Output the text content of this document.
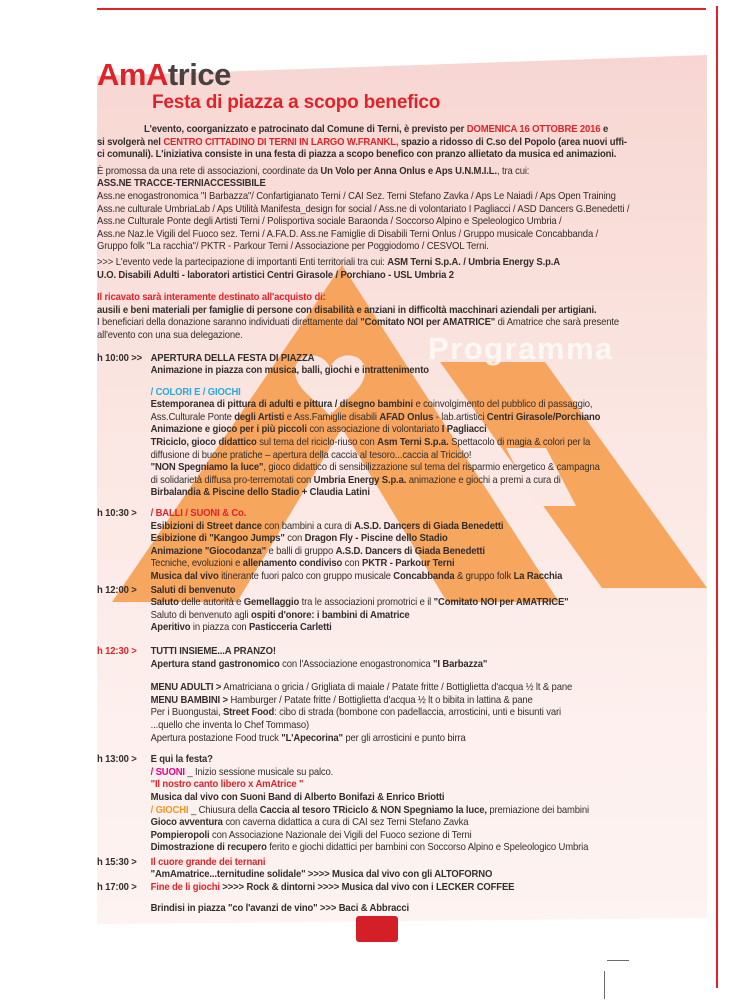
Programma
AmAtrice
Festa di piazza a scopo benefico
L'evento, coorganizzato e patrocinato dal Comune di Terni, è previsto per DOMENICA 16 OTTOBRE 2016 e
si svolgerà nel CENTRO CITTADINO DI TERNI IN LARGO W.FRANKL, spazio a ridosso di C.so del Popolo (area nuovi uffi-
ci comunali). L'iniziativa consiste in una festa di piazza a scopo benefico con pranzo allietato da musica ed animazioni.
È promossa da una rete di associazioni, coordinate da Un Volo per Anna Onlus e Aps U.N.M.I.L., tra cui:
ASS.NE TRACCE-TERNIACCESSIBILE
Ass.ne enogastronomica "I Barbazza"/ Confartigianato Terni / CAI Sez. Terni Stefano Zavka / Aps Le Naiadi / Aps Open Training
Ass.ne culturale UmbriaLab / Aps Utilità Manifesta_design for social / Ass.ne di volontariato I Pagliacci / ASD Dancers G.Benedetti /
Ass.ne Culturale Ponte degli Artisti Terni / Polisportiva sociale Baraonda / Soccorso Alpino e Speleologico Umbria /
Ass.ne Naz.le Vigili del Fuoco sez. Terni / A.FA.D. Ass.ne Famiglie di Disabili Terni Onlus / Gruppo musicale Concabbanda /
Gruppo folk "La racchia"/ PKTR - Parkour Terni / Associazione per Poggiodomo / CESVOL Terni.
>>> L'evento vede la partecipazione di importanti Enti territoriali tra cui: ASM Terni S.p.A. / Umbria Energy S.p.A
U.O. Disabili Adulti - laboratori artistici Centri Girasole / Porchiano - USL Umbria 2
Il ricavato sarà interamente destinato all'acquisto di:
ausili e beni materiali per famiglie di persone con disabilità e anziani in difficoltà macchinari aziendali per artigiani.
I beneficiari della donazione saranno individuati direttamente dal "Comitato NOI per AMATRICE" di Amatrice che sarà presente
all'evento con una sua delegazione.
h 10:00 >> APERTURA DELLA FESTA DI PIAZZA
Animazione in piazza con musica, balli, giochi e intrattenimento
/ COLORI E / GIOCHI
Estemporanea di pittura di adulti e pittura / disegno bambini e coinvolgimento del pubblico di passaggio,
Ass.Culturale Ponte degli Artisti e Ass.Famiglie disabili AFAD Onlus - lab.artistici Centri Girasole/Porchiano
Animazione e gioco per i più piccoli con associazione di volontariato I Pagliacci
TRiciclo, gioco didattico sul tema del riciclo-riuso con Asm Terni S.p.a. Spettacolo di magia & colori per la
diffusione di buone pratiche – apertura della caccia al tesoro...caccia al Triciclo!
"NON Spegniamo la luce", gioco didattico di sensibilizzazione sul tema del risparmio energetico & campagna
di solidarietà diffusa pro-terremotati con Umbria Energy S.p.a. animazione e giochi a premi a cura di
Birbalandia & Piscine dello Stadio + Claudia Latini
h 10:30 >	/ BALLI / SUONI & Co.
Esibizioni di Street dance con bambini a cura di A.S.D. Dancers di Giada Benedetti
Esibizione di "Kangoo Jumps" con Dragon Fly - Piscine dello Stadio
Animazione "Giocodanza" e balli di gruppo A.S.D. Dancers di Giada Benedetti
Tecniche, evoluzioni e allenamento condiviso con PKTR - Parkour Terni
Musica dal vivo itinerante fuori palco con gruppo musicale Concabbanda & gruppo folk La Racchia
h 12:00 >	Saluti di benvenuto
Saluto delle autorità e Gemellaggio tra le associazioni promotrici e il "Comitato NOI per AMATRICE"
Saluto di benvenuto agli ospiti d'onore: i bambini di Amatrice
Aperitivo in piazza con Pasticceria Carletti
h 12:30 >	TUTTI INSIEME...A PRANZO!
Apertura stand gastronomico con l'Associazione enogastronomica "I Barbazza"
MENU ADULTI > Amatriciana o gricia / Grigliata di maiale / Patate fritte / Bottiglietta d'acqua ½ lt & pane
MENU BAMBINI > Hamburger / Patate fritte / Bottiglietta d'acqua ½ lt o bibita in lattina & pane
Per i Buongustai, Street Food: cibo di strada (bombone con padellaccia, arrosticini, unti e bisunti vari
...quello che inventa lo Chef Tommaso)
Apertura postazione Food truck "L'Apecorina" per gli arrosticini e punto birra
h 13:00 >	È qui la festa?
/ SUONI _ Inizio sessione musicale su palco.
"Il nostro canto libero x AmAtrice "
Musica dal vivo con Suoni Band di Alberto Bonifazi & Enrico Briotti
/ GIOCHI _ Chiusura della Caccia al tesoro TRiciclo & NON Spegniamo la luce, premiazione dei bambini
Gioco avventura con caverna didattica a cura di CAI sez Terni Stefano Zavka
Pompieropoli con Associazione Nazionale dei Vigili del Fuoco sezione di Terni
Dimostrazione di recupero ferito e giochi didattici per bambini con Soccorso Alpino e Speleologico Umbria
h 15:30 >	Il cuore grande dei ternani
"AmAmatrice...ternitudine solidale" >>>> Musica dal vivo con gli ALTOFORNO
h 17:00 >	Fine de li giochi >>>> Rock & dintorni >>>> Musica dal vivo con i LECKER COFFEE
Brindisi in piazza "co l'avanzi de vino" >>> Baci & Abbracci
